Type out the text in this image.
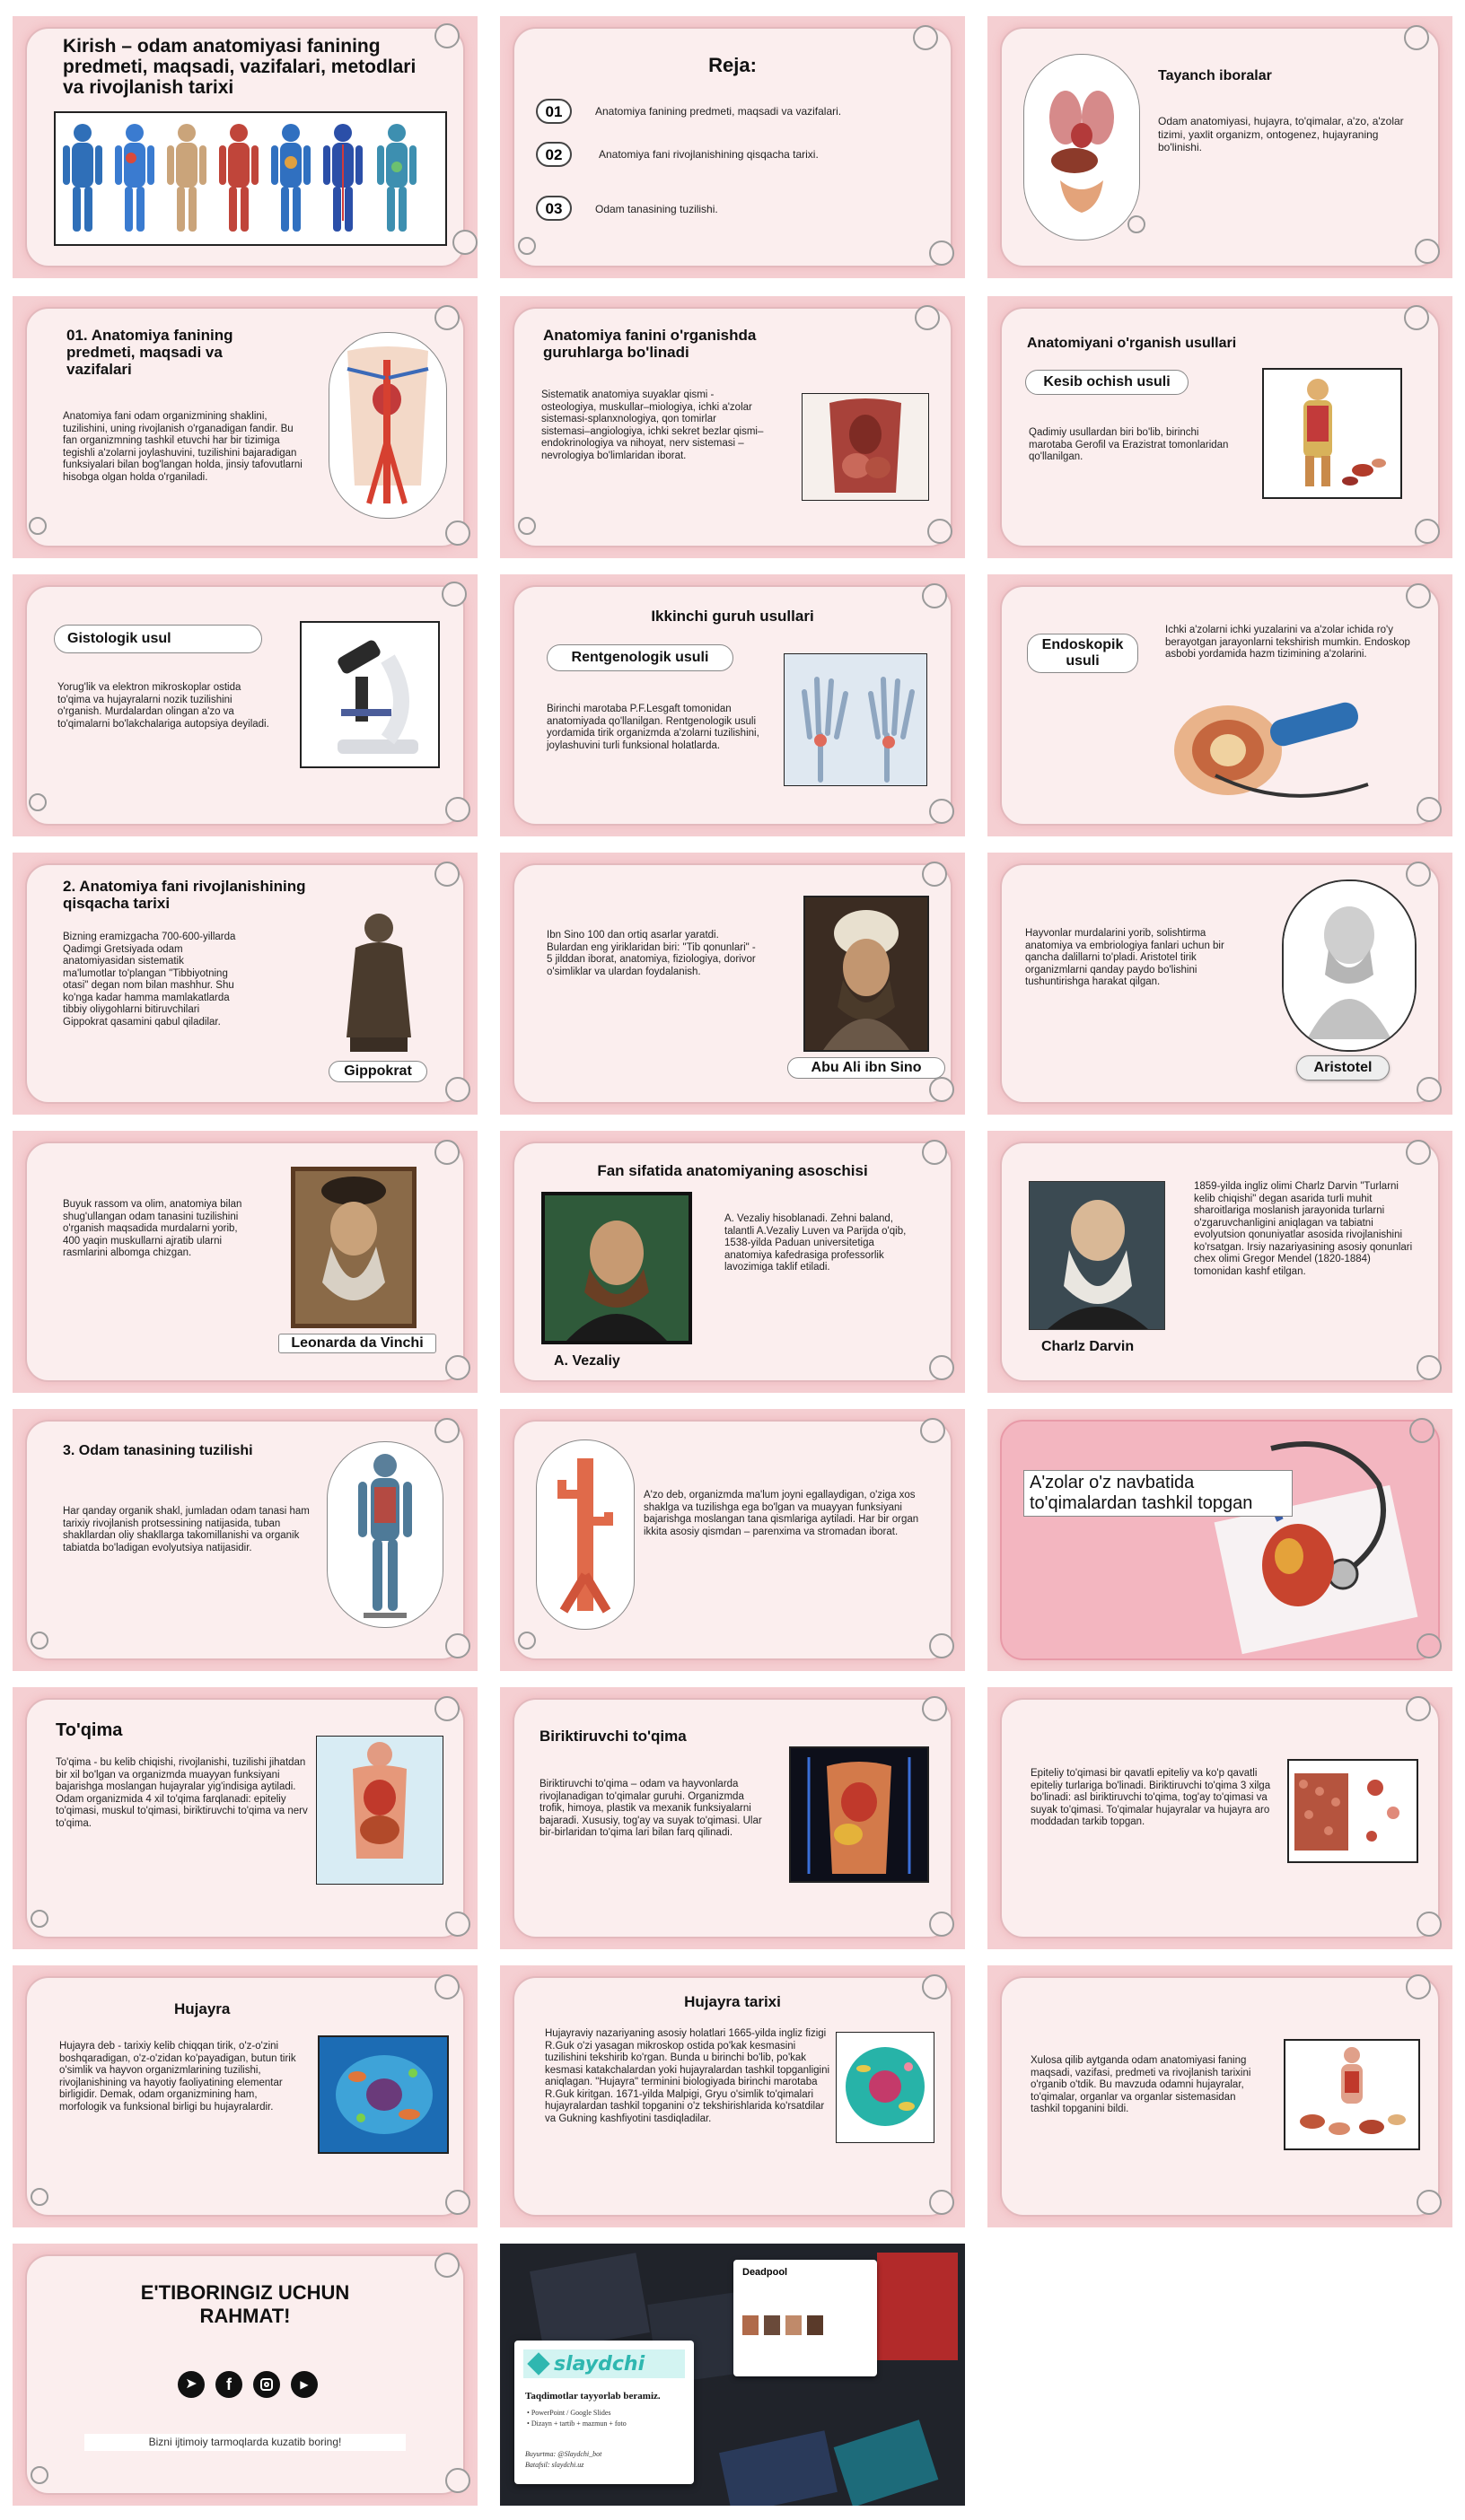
Kirish – odam anatomiyasi fanining predmeti, maqsadi, vazifalari, metodlari va rivojlanish tarixi
Reja:
01	Anatomiya fanining predmeti, maqsadi va vazifalari.
02	Anatomiya fani rivojlanishining qisqacha tarixi.
03	Odam tanasining tuzilishi.
Tayanch iboralar
Odam anatomiyasi, hujayra, to'qimalar, a'zo, a'zolar tizimi, yaxlit organizm, ontogenez, hujayraning bo'linishi.
01. Anatomiya fanining predmeti, maqsadi va vazifalari
Anatomiya fani odam organizmining shaklini, tuzilishini, uning rivojlanish o'rganadigan fandir. Bu fan organizmning tashkil etuvchi har bir tizimiga tegishli a'zolarni joylashuvini, tuzilishini bajaradigan funksiyalari bilan bog'langan holda, jinsiy tafovutlarni hisobga olgan holda o'rganiladi.
Anatomiya fanini o'rganishda guruhlarga bo'linadi
Sistematik anatomiya suyaklar qismi - osteologiya, muskullar–miologiya, ichki a'zolar sistemasi-splanxnologiya, qon tomirlar sistemasi–angiologiya, ichki sekret bezlar qismi–endokrinologiya va nihoyat, nerv sistemasi – nevrologiya bo'limlaridan iborat.
Anatomiyani o'rganish usullari
Kesib ochish usuli
Qadimiy usullardan biri bo'lib, birinchi marotaba Gerofil va Erazistrat tomonlaridan qo'llanilgan.
Gistologik usul
Yorug'lik va elektron mikroskoplar ostida to'qima va hujayralarni nozik tuzilishini o'rganish. Murdalardan olingan a'zo va to'qimalarni bo'lakchalariga autopsiya deyiladi.
Ikkinchi guruh usullari
Rentgenologik usuli
Birinchi marotaba P.F.Lesgaft tomonidan anatomiyada qo'llanilgan. Rentgenologik usuli yordamida tirik organizmda a'zolarni tuzilishini, joylashuvini turli funksional holatlarda.
Endoskopik usuli
Ichki a'zolarni ichki yuzalarini va a'zolar ichida ro'y berayotgan jarayonlarni tekshirish mumkin. Endoskop asbobi yordamida hazm tizimining a'zolarini.
2. Anatomiya fani rivojlanishining qisqacha tarixi
Bizning eramizgacha 700-600-yillarda Qadimgi Gretsiyada odam anatomiyasidan sistematik ma'lumotlar to'plangan "Tibbiyotning otasi" degan nom bilan mashhur. Shu ko'nga kadar hamma mamlakatlarda tibbiy oliygohlarni bitiruvchilari Gippokrat qasamini qabul qiladilar.
Gippokrat
Ibn Sino 100 dan ortiq asarlar yaratdi. Bulardan eng yiriklaridan biri: "Tib qonunlari" - 5 jilddan iborat, anatomiya, fiziologiya, dorivor o'simliklar va ulardan foydalanish.
Abu Ali ibn Sino
Hayvonlar murdalarini yorib, solishtirma anatomiya va embriologiya fanlari uchun bir qancha dalillarni to'pladi. Aristotel tirik organizmlarni qanday paydo bo'lishini tushuntirishga harakat qilgan.
Aristotel
Buyuk rassom va olim, anatomiya bilan shug'ullangan odam tanasini tuzilishini o'rganish maqsadida murdalarni yorib, 400 yaqin muskullarni ajratib ularni rasmlarini albomga chizgan.
Leonarda da Vinchi
Fan sifatida anatomiyaning asoschisi
A. Vezaliy
A. Vezaliy hisoblanadi. Zehni baland, talantli A.Vezaliy Luven va Parijda o'qib, 1538-yilda Paduan universitetiga anatomiya kafedrasiga professorlik lavozimiga taklif etiladi.
Charlz Darvin
1859-yilda ingliz olimi Charlz Darvin "Turlarni kelib chiqishi" degan asarida turli muhit sharoitlariga moslanish jarayonida turlarni o'zgaruvchanligini aniqlagan va tabiatni evolyutsion qonuniyatlar asosida rivojlanishini ko'rsatgan. Irsiy nazariyasining asosiy qonunlari chex olimi Gregor Mendel (1820-1884) tomonidan kashf etilgan.
3. Odam tanasining tuzilishi
Har qanday organik shakl, jumladan odam tanasi ham tarixiy rivojlanish protsessining natijasida, tuban shakllardan oliy shakllarga takomillanishi va organik tabiatda bo'ladigan evolyutsiya natijasidir.
A'zo deb, organizmda ma'lum joyni egallaydigan, o'ziga xos shaklga va tuzilishga ega bo'lgan va muayyan funksiyani bajarishga moslangan tana qismlariga aytiladi. Har bir organ ikkita asosiy qismdan – parenxima va stromadan iborat.
A'zolar o'z navbatida to'qimalardan tashkil topgan
To'qima
To'qima - bu kelib chiqishi, rivojlanishi, tuzilishi jihatdan bir xil bo'lgan va organizmda muayyan funksiyani bajarishga moslangan hujayralar yig'indisiga aytiladi. Odam organizmida 4 xil to'qima farqlanadi: epiteliy to'qimasi, muskul to'qimasi, biriktiruvchi to'qima va nerv to'qima.
Biriktiruvchi to'qima
Biriktiruvchi to'qima – odam va hayvonlarda rivojlanadigan to'qimalar guruhi. Organizmda trofik, himoya, plastik va mexanik funksiyalarni bajaradi. Xususiy, tog'ay va suyak to'qimasi. Ular bir-birlaridan to'qima lari bilan farq qilinadi.
Epiteliy to'qimasi bir qavatli epiteliy va ko'p qavatli epiteliy turlariga bo'linadi. Biriktiruvchi to'qima 3 xilga bo'linadi: asl biriktiruvchi to'qima, tog'ay to'qimasi va suyak to'qimasi. To'qimalar hujayralar va hujayra aro moddadan tarkib topgan.
Hujayra
Hujayra deb - tarixiy kelib chiqqan tirik, o'z-o'zini boshqaradigan, o'z-o'zidan ko'payadigan, butun tirik o'simlik va hayvon organizmlarining tuzilishi, rivojlanishining va hayotiy faoliyatining elementar birligidir. Demak, odam organizmining ham, morfologik va funksional birligi bu hujayralardir.
Hujayra tarixi
Hujayraviy nazariyaning asosiy holatlari 1665-yilda ingliz fizigi R.Guk o'zi yasagan mikroskop ostida po'kak kesmasini tuzilishini tekshirib ko'rgan. Bunda u birinchi bo'lib, po'kak kesmasi katakchalardan yoki hujayralardan tashkil topganligini aniqlagan. "Hujayra" terminini biologiyada birinchi marotaba R.Guk kiritgan. 1671-yilda Malpigi, Gryu o'simlik to'qimalari hujayralardan tashkil topganini o'z tekshirishlarida ko'rsatdilar va Gukning kashfiyotini tasdiqladilar.
Xulosa qilib aytganda odam anatomiyasi faning maqsadi, vazifasi, predmeti va rivojlanish tarixini o'rganib o'tdik. Bu mavzuda odamni hujayralar, to'qimalar, organlar va organlar sistemasidan tashkil topganini bildi.
E'TIBORINGIZ UCHUN RAHMAT!
➤	f	▶
Bizni ijtimoiy tarmoqlarda kuzatib boring!
Deadpool
slaydchi
Taqdimotlar tayyorlab beramiz.
• PowerPoint / Google Slides
• Dizayn + tartib + mazmun + foto
Buyurtma: @Slaydchi_bot
Batafsil: slaydchi.uz
